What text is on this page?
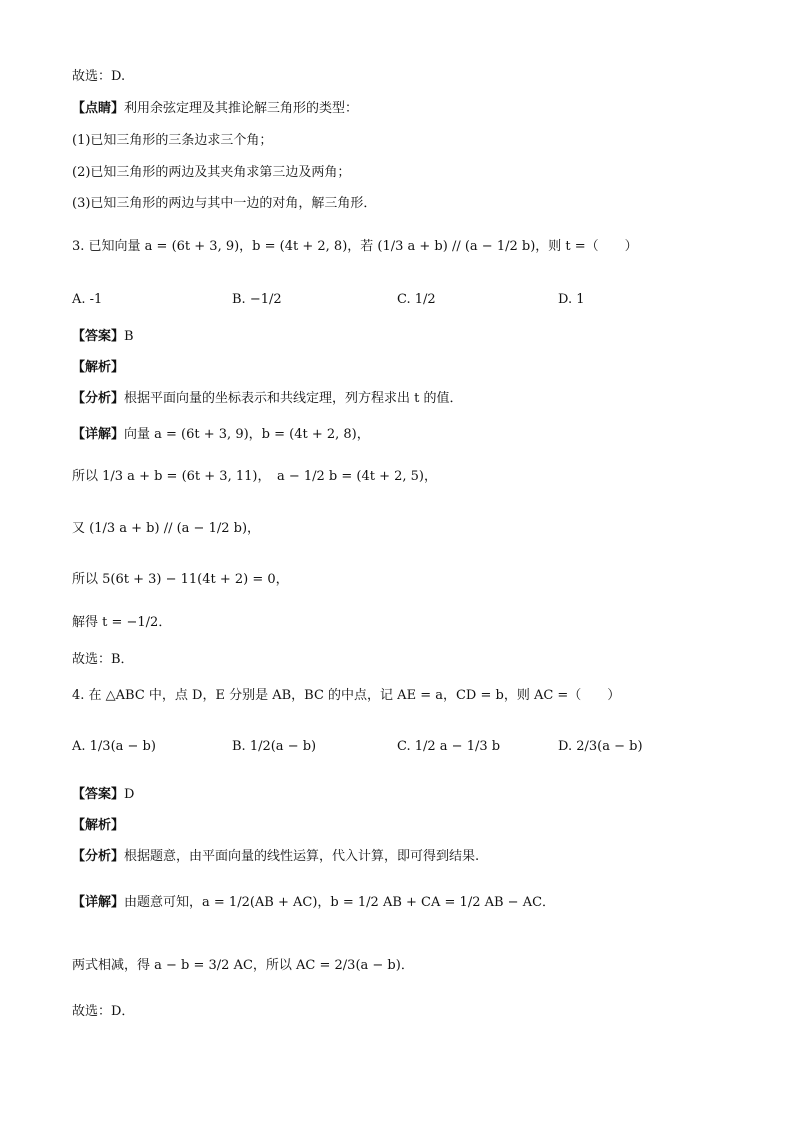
故选：D.
【点睛】利用余弦定理及其推论解三角形的类型：
(1)已知三角形的三条边求三个角；
(2)已知三角形的两边及其夹角求第三边及两角；
(3)已知三角形的两边与其中一边的对角，解三角形．
3. 已知向量 a = (6t + 3, 9)，b = (4t + 2, 8)，若 (1/3 a + b) // (a − 1/2 b)，则 t =（　　）
A. -1	B. −1/2	C. 1/2	D. 1
【答案】B
【解析】
【分析】根据平面向量的坐标表示和共线定理，列方程求出 t 的值．
【详解】向量 a = (6t + 3, 9)，b = (4t + 2, 8)，
所以 1/3 a + b = (6t + 3, 11)，　a − 1/2 b = (4t + 2, 5)，
又 (1/3 a + b) // (a − 1/2 b)，
所以 5(6t + 3) − 11(4t + 2) = 0，
解得 t = −1/2．
故选：B．
4. 在 △ABC 中，点 D，E 分别是 AB，BC 的中点，记 AE = a，CD = b，则 AC =（　　）
A. 1/3(a − b)	B. 1/2(a − b)	C. 1/2 a − 1/3 b	D. 2/3(a − b)
【答案】D
【解析】
【分析】根据题意，由平面向量的线性运算，代入计算，即可得到结果.
【详解】由题意可知，a = 1/2(AB + AC)，b = 1/2 AB + CA = 1/2 AB − AC．
两式相减，得 a − b = 3/2 AC，所以 AC = 2/3(a − b)．
故选：D．
